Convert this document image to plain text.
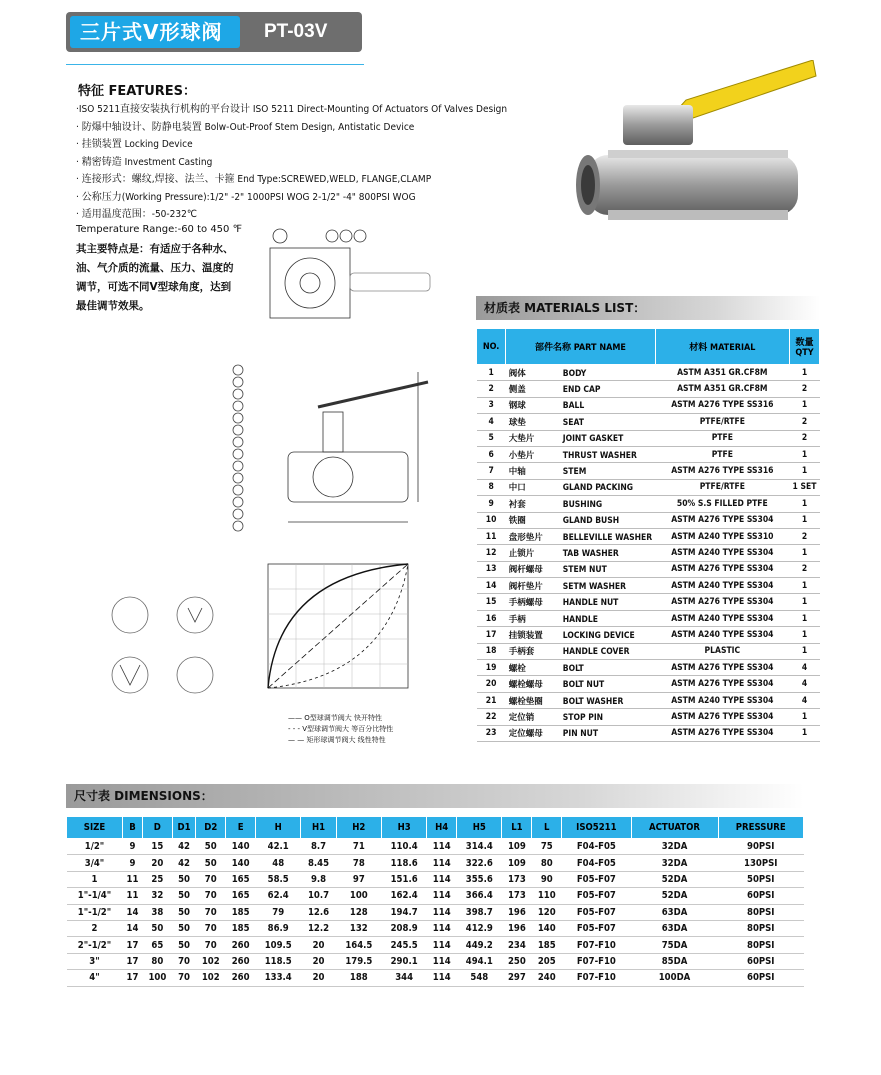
三片式V形球阀	PT-03V
特征 FEATURES：
·ISO 5211直接安装执行机构的平台设计 ISO 5211 Direct-Mounting Of Actuators Of Valves Design
· 防爆中轴设计、防静电装置 Bolw-Out-Proof Stem Design, Antistatic Device
· 挂锁装置 Locking Device
· 精密铸造 Investment Casting
· 连接形式：螺纹,焊接、法兰、卡箍 End Type:SCREWED,WELD, FLANGE,CLAMP
· 公称压力(Working Pressure):1/2" -2" 1000PSI WOG 2-1/2" -4" 800PSI WOG
· 适用温度范围：-50-232℃
Temperature Range:-60 to 450 ℉
其主要特点是：有适应于各种水、油、气介质的流量、压力、温度的调节，可选不同V型球角度，达到最佳调节效果。
—— O型球调节阀大 快开特性
- - - V型球调节阀大 等百分比特性
— — 矩形球调节阀大 线性特性
材质表 MATERIALS LIST：
NO.	部件名称 PART NAME	材料 MATERIAL	数量 QTY
1	阀体 BODY	ASTM A351 GR.CF8M	1
2	侧盖 END CAP	ASTM A351 GR.CF8M	2
3	钢球 BALL	ASTM A276 TYPE SS316	1
4	球垫 SEAT	PTFE/RTFE	2
5	大垫片 JOINT GASKET	PTFE	2
6	小垫片 THRUST WASHER	PTFE	1
7	中轴 STEM	ASTM A276 TYPE SS316	1
8	中口 GLAND PACKING	PTFE/RTFE	1 SET
9	衬套 BUSHING	50% S.S FILLED PTFE	1
10	铁圈 GLAND BUSH	ASTM A276 TYPE SS304	1
11	盘形垫片 BELLEVILLE WASHER	ASTM A240 TYPE SS310	2
12	止锁片 TAB WASHER	ASTM A240 TYPE SS304	1
13	阀杆螺母 STEM NUT	ASTM A276 TYPE SS304	2
14	阀杆垫片 SETM WASHER	ASTM A240 TYPE SS304	1
15	手柄螺母 HANDLE NUT	ASTM A276 TYPE SS304	1
16	手柄 HANDLE	ASTM A240 TYPE SS304	1
17	挂锁装置 LOCKING DEVICE	ASTM A240 TYPE SS304	1
18	手柄套 HANDLE COVER	PLASTIC	1
19	螺栓 BOLT	ASTM A276 TYPE SS304	4
20	螺栓螺母 BOLT NUT	ASTM A276 TYPE SS304	4
21	螺栓垫圈 BOLT WASHER	ASTM A240 TYPE SS304	4
22	定位销 STOP PIN	ASTM A276 TYPE SS304	1
23	定位螺母 PIN NUT	ASTM A276 TYPE SS304	1
尺寸表 DIMENSIONS：
SIZE	B	D	D1	D2	E	H	H1	H2	H3	H4	H5	L1	L	ISO5211	ACTUATOR	PRESSURE
1/2"	9	15	42	50	140	42.1	8.7	71	110.4	114	314.4	109	75	F04-F05	32DA	90PSI
3/4"	9	20	42	50	140	48	8.45	78	118.6	114	322.6	109	80	F04-F05	32DA	130PSI
1	11	25	50	70	165	58.5	9.8	97	151.6	114	355.6	173	90	F05-F07	52DA	50PSI
1"-1/4"	11	32	50	70	165	62.4	10.7	100	162.4	114	366.4	173	110	F05-F07	52DA	60PSI
1"-1/2"	14	38	50	70	185	79	12.6	128	194.7	114	398.7	196	120	F05-F07	63DA	80PSI
2	14	50	50	70	185	86.9	12.2	132	208.9	114	412.9	196	140	F05-F07	63DA	80PSI
2"-1/2"	17	65	50	70	260	109.5	20	164.5	245.5	114	449.2	234	185	F07-F10	75DA	80PSI
3"	17	80	70	102	260	118.5	20	179.5	290.1	114	494.1	250	205	F07-F10	85DA	60PSI
4"	17	100	70	102	260	133.4	20	188	344	114	548	297	240	F07-F10	100DA	60PSI
